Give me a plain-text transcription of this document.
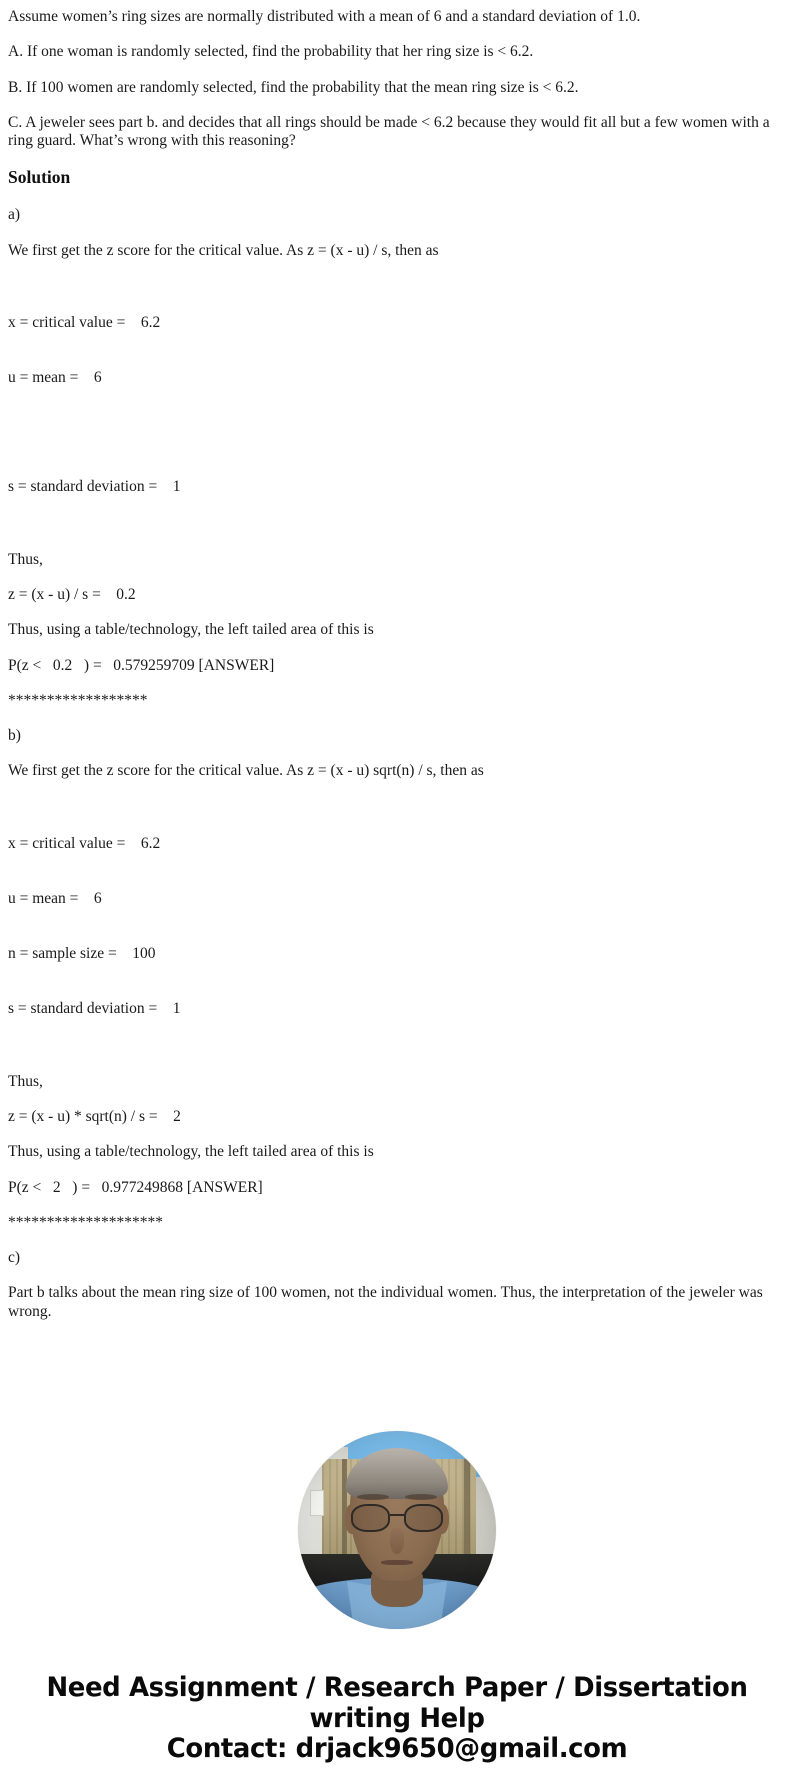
Assume women’s ring sizes are normally distributed with a mean of 6 and a standard deviation of 1.0.

A. If one woman is randomly selected, find the probability that her ring size is < 6.2.

B. If 100 women are randomly selected, find the probability that the mean ring size is < 6.2.

C. A jeweler sees part b. and decides that all rings should be made < 6.2 because they would fit all but a few women with a ring guard. What’s wrong with this reasoning?

Solution

a)

We first get the z score for the critical value. As z = (x - u) / s, then as

x = critical value =    6.2

u = mean =    6

s = standard deviation =    1

Thus,

z = (x - u) / s =    0.2

Thus, using a table/technology, the left tailed area of this is

P(z <   0.2   ) =   0.579259709 [ANSWER]

******************

b)

We first get the z score for the critical value. As z = (x - u) sqrt(n) / s, then as

x = critical value =    6.2

u = mean =    6

n = sample size =    100

s = standard deviation =    1

Thus,

z = (x - u) * sqrt(n) / s =    2

Thus, using a table/technology, the left tailed area of this is

P(z <   2   ) =   0.977249868 [ANSWER]

********************

c)

Part b talks about the mean ring size of 100 women, not the individual women. Thus, the interpretation of the jeweler was wrong.

Need Assignment / Research Paper / Dissertation

writing Help

Contact: drjack9650@gmail.com
